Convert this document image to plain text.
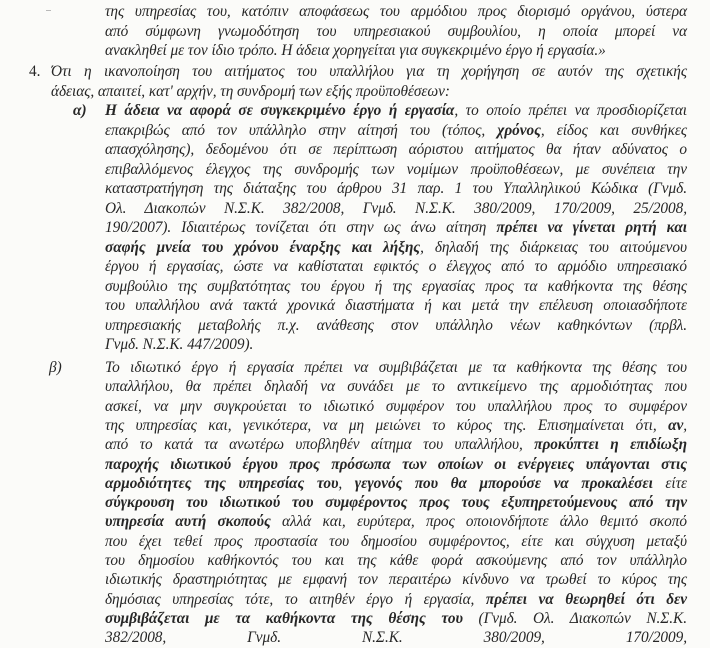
της υπηρεσίας του, κατόπιν αποφάσεως του αρμόδιου προς διορισμό οργάνου, ύστερα
από σύμφωνη γνωμοδότηση του υπηρεσιακού συμβουλίου, η οποία μπορεί να
ανακληθεί με τον ίδιο τρόπο. Η άδεια χορηγείται για συγκεκριμένο έργο ή εργασία.»
4. Ότι η ικανοποίηση του αιτήματος του υπαλλήλου για τη χορήγηση σε αυτόν της σχετικής
άδειας, απαιτεί, κατ' αρχήν, τη συνδρομή των εξής προϋποθέσεων:
α) Η άδεια να αφορά σε συγκεκριμένο έργο ή εργασία, το οποίο πρέπει να προσδιορίζεται
επακριβώς από τον υπάλληλο στην αίτησή του (τόπος, χρόνος, είδος και συνθήκες
απασχόλησης), δεδομένου ότι σε περίπτωση αόριστου αιτήματος θα ήταν αδύνατος ο
επιβαλλόμενος έλεγχος της συνδρομής των νομίμων προϋποθέσεων, με συνέπεια την
καταστρατήγηση της διάταξης του άρθρου 31 παρ. 1 του Υπαλληλικού Κώδικα (Γνμδ.
Ολ. Διακοπών Ν.Σ.Κ. 382/2008, Γνμδ. Ν.Σ.Κ. 380/2009, 170/2009, 25/2008,
190/2007). Ιδιαιτέρως τονίζεται ότι στην ως άνω αίτηση πρέπει να γίνεται ρητή και
σαφής μνεία του χρόνου έναρξης και λήξης, δηλαδή της διάρκειας του αιτούμενου
έργου ή εργασίας, ώστε να καθίσταται εφικτός ο έλεγχος από το αρμόδιο υπηρεσιακό
συμβούλιο της συμβατότητας του έργου ή της εργασίας προς τα καθήκοντα της θέσης
του υπαλλήλου ανά τακτά χρονικά διαστήματα ή και μετά την επέλευση οποιασδήποτε
υπηρεσιακής μεταβολής π.χ. ανάθεσης στον υπάλληλο νέων καθηκόντων (πρβλ.
Γνμδ. Ν.Σ.Κ. 447/2009).
β)	Το ιδιωτικό έργο ή εργασία πρέπει να συμβιβάζεται με τα καθήκοντα της θέσης του
υπαλλήλου, θα πρέπει δηλαδή να συνάδει με το αντικείμενο της αρμοδιότητας που
ασκεί, να μην συγκρούεται το ιδιωτικό συμφέρον του υπαλλήλου προς το συμφέρον
της υπηρεσίας και, γενικότερα, να μη μειώνει το κύρος της. Επισημαίνεται ότι, αν,
από το κατά τα ανωτέρω υποβληθέν αίτημα του υπαλλήλου, προκύπτει η επιδίωξη
παροχής ιδιωτικού έργου προς πρόσωπα των οποίων οι ενέργειες υπάγονται στις
αρμοδιότητες της υπηρεσίας του, γεγονός που θα μπορούσε να προκαλέσει είτε
σύγκρουση του ιδιωτικού του συμφέροντος προς τους εξυπηρετούμενους από την
υπηρεσία αυτή σκοπούς αλλά και, ευρύτερα, προς οποιονδήποτε άλλο θεμιτό σκοπό
που έχει τεθεί προς προστασία του δημοσίου συμφέροντος, είτε και σύγχυση μεταξύ
του δημοσίου καθήκοντός του και της κάθε φορά ασκούμενης από τον υπάλληλο
ιδιωτικής δραστηριότητας με εμφανή τον περαιτέρω κίνδυνο να τρωθεί το κύρος της
δημόσιας υπηρεσίας τότε, το αιτηθέν έργο ή εργασία, πρέπει να θεωρηθεί ότι δεν
συμβιβάζεται με τα καθήκοντα της θέσης του (Γνμδ. Ολ. Διακοπών Ν.Σ.Κ.
382/2008, Γνμδ. Ν.Σ.Κ. 380/2009, 170/2009,
